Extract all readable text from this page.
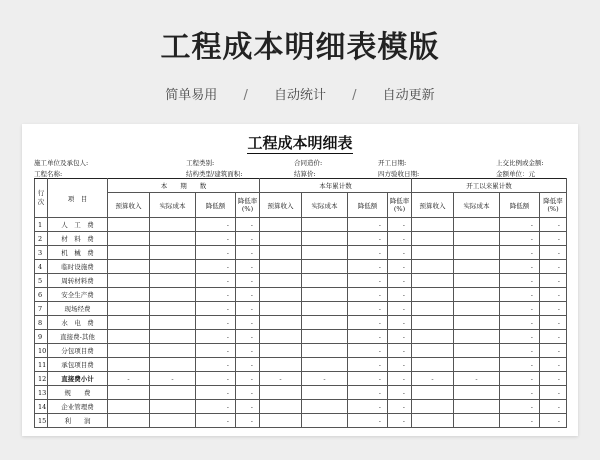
工程成本明细表模版
简单易用 / 自动统计 / 自动更新
工程成本明细表
施工单位及承包人:	工程类别:	合同造价:	开工日期:	上交比例或金额:
工程名称:	结构类型/建筑面积:	结算价:	四方验收日期:	金额单位：元
行次	项　目	本　　期　　数				本年累计数				开工以来累计数			
		预算收入	实际成本	降低额	降低率(%)	预算收入	实际成本	降低额	降低率(%)	预算收入	实际成本	降低额	降低率(%)
1	人　工　费			-	-			-	-			-	-
2	材　料　费			-	-			-	-			-	-
3	机　械　费			-	-			-	-			-	-
4	临时设施费			-	-			-	-			-	-
5	周转材料费			-	-			-	-			-	-
6	安全生产费			-	-			-	-			-	-
7	现场经费			-	-			-	-			-	-
8	水　电　费			-	-			-	-			-	-
9	直接费-其他			-	-			-	-			-	-
10	分包项目费			-	-			-	-			-	-
11	承包项目费			-	-			-	-			-	-
12	直接费小计	-	-	-	-	-	-	-	-	-	-	-	-
13	规　　费			-	-			-	-			-	-
14	企业管理费			-	-			-	-			-	-
15	利　　润			-	-			-	-			-	-
